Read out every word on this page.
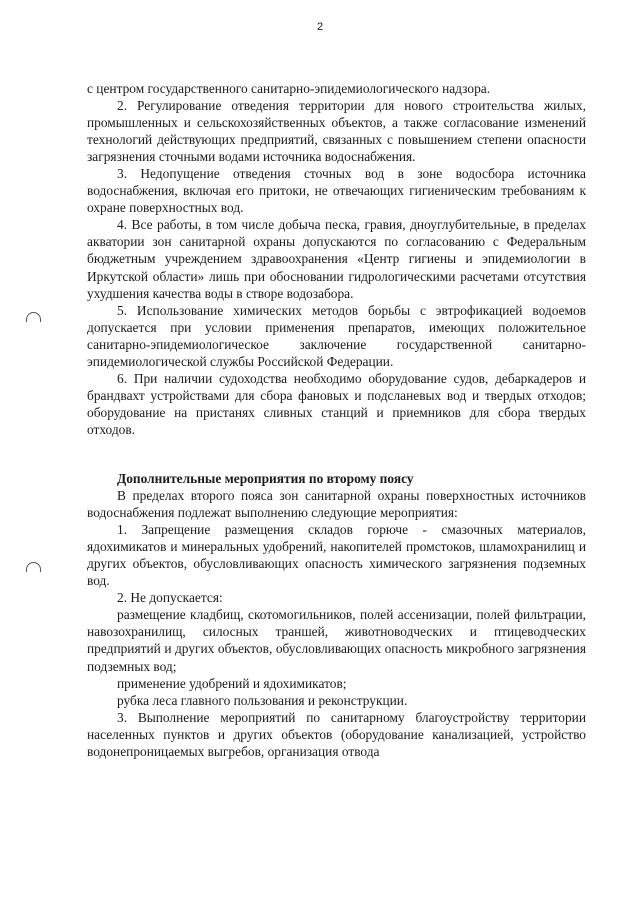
2

с центром государственного санитарно-эпидемиологического надзора.

2. Регулирование отведения территории для нового строительства жилых, промышленных и сельскохозяйственных объектов, а также согласование изменений технологий действующих предприятий, связанных с повышением степени опасности загрязнения сточными водами источника водоснабжения.

3. Недопущение отведения сточных вод в зоне водосбора источника водоснабжения, включая его притоки, не отвечающих гигиеническим требованиям к охране поверхностных вод.

4. Все работы, в том числе добыча песка, гравия, дноуглубительные, в пределах акватории зон санитарной охраны допускаются по согласованию с Федеральным бюджетным учреждением здравоохранения «Центр гигиены и эпидемиологии в Иркутской области» лишь при обосновании гидрологическими расчетами отсутствия ухудшения качества воды в створе водозабора.

5. Использование химических методов борьбы с эвтрофикацией водоемов допускается при условии применения препаратов, имеющих положительное санитарно-эпидемиологическое заключение государственной санитарно-эпидемиологической службы Российской Федерации.

6. При наличии судоходства необходимо оборудование судов, дебаркадеров и брандвахт устройствами для сбора фановых и подсланевых вод и твердых отходов; оборудование на пристанях сливных станций и приемников для сбора твердых отходов.

Дополнительные мероприятия по второму поясу

В пределах второго пояса зон санитарной охраны поверхностных источников водоснабжения подлежат выполнению следующие мероприятия:

1. Запрещение размещения складов горюче - смазочных материалов, ядохимикатов и минеральных удобрений, накопителей промстоков, шламохранилищ и других объектов, обусловливающих опасность химического загрязнения подземных вод.

2. Не допускается:

размещение кладбищ, скотомогильников, полей ассенизации, полей фильтрации, навозохранилищ, силосных траншей, животноводческих и птицеводческих предприятий и других объектов, обусловливающих опасность микробного загрязнения подземных вод;

применение удобрений и ядохимикатов;

рубка леса главного пользования и реконструкции.

3. Выполнение мероприятий по санитарному благоустройству территории населенных пунктов и других объектов (оборудование канализацией, устройство водонепроницаемых выгребов, организация отвода
